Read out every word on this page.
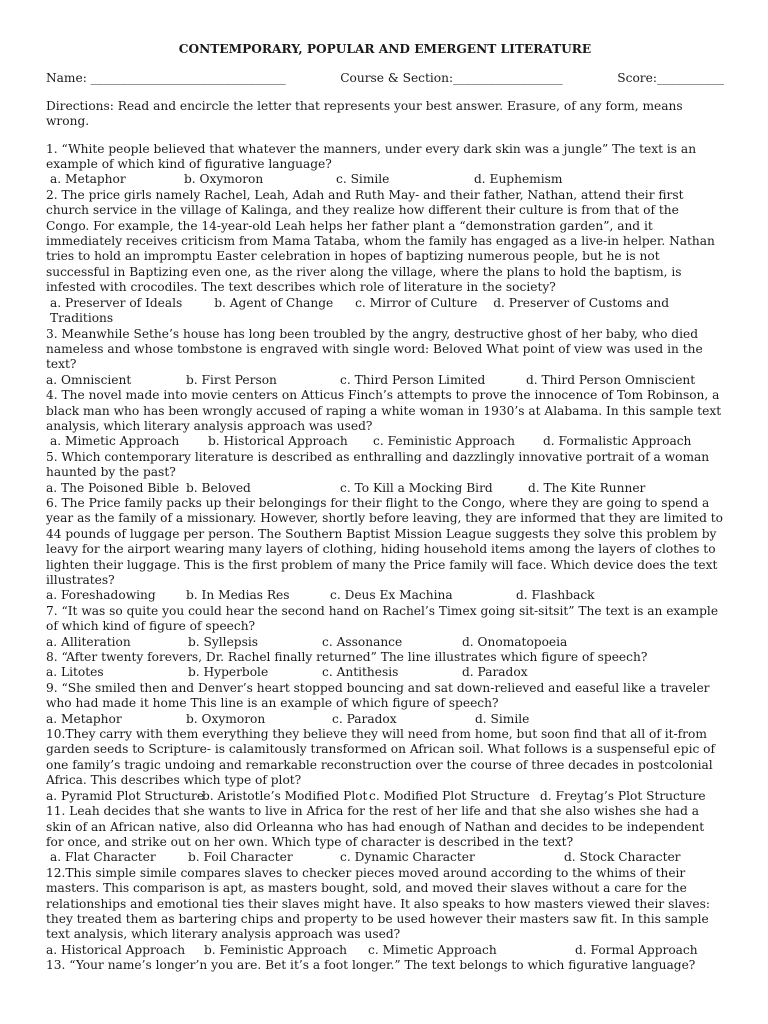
CONTEMPORARY, POPULAR AND EMERGENT LITERATURE
Name: ________________________________	Course & Section:__________________	Score:___________
Directions: Read and encircle the letter that represents your best answer. Erasure, of any form, means wrong.
1. “White people believed that whatever the manners, under every dark skin was a jungle” The text is an example of which kind of figurative language?
a. Metaphor	b. Oxymoron	c. Simile	d. Euphemism
2. The price girls namely Rachel, Leah, Adah and Ruth May- and their father, Nathan, attend their first church service in the village of Kalinga, and they realize how different their culture is from that of the Congo. For example, the 14-year-old Leah helps her father plant a “demonstration garden”, and it immediately receives criticism from Mama Tataba, whom the family has engaged as a live-in helper. Nathan tries to hold an impromptu Easter celebration in hopes of baptizing numerous people, but he is not successful in Baptizing even one, as the river along the village, where the plans to hold the baptism, is infested with crocodiles. The text describes which role of literature in the society?
a. Preserver of Ideals	b. Agent of Change c. Mirror of Culture d. Preserver of Customs and Traditions
3. Meanwhile Sethe’s house has long been troubled by the angry, destructive ghost of her baby, who died nameless and whose tombstone is engraved with single word: Beloved What point of view was used in the text?
a. Omniscient	b. First Person	c. Third Person Limited	d. Third Person Omniscient
4. The novel made into movie centers on Atticus Finch’s attempts to prove the innocence of Tom Robinson, a black man who has been wrongly accused of raping a white woman in 1930’s at Alabama. In this sample text analysis, which literary analysis approach was used?
a. Mimetic Approach	b. Historical Approach	c. Feministic Approach	d. Formalistic Approach
5. Which contemporary literature is described as enthralling and dazzlingly innovative portrait of a woman haunted by the past?
a. The Poisoned Bible b. Beloved	c. To Kill a Mocking Bird	d. The Kite Runner
6. The Price family packs up their belongings for their flight to the Congo, where they are going to spend a year as the family of a missionary. However, shortly before leaving, they are informed that they are limited to 44 pounds of luggage per person. The Southern Baptist Mission League suggests they solve this problem by leavy for the airport wearing many layers of clothing, hiding household items among the layers of clothes to lighten their luggage. This is the first problem of many the Price family will face. Which device does the text illustrates?
a. Foreshadowing	b. In Medias Res	c. Deus Ex Machina	d. Flashback
7. “It was so quite you could hear the second hand on Rachel’s Timex going sit-sitsit” The text is an example of which kind of figure of speech?
a. Alliteration	b. Syllepsis	c. Assonance	d. Onomatopoeia
8. “After twenty forevers, Dr. Rachel finally returned” The line illustrates which figure of speech?
a. Litotes	b. Hyperbole	c. Antithesis	d. Paradox
9. “She smiled then and Denver’s heart stopped bouncing and sat down-relieved and easeful like a traveler who had made it home This line is an example of which figure of speech?
a. Metaphor	b. Oxymoron	c. Paradox	d. Simile
10.They carry with them everything they believe they will need from home, but soon find that all of it-from garden seeds to Scripture- is calamitously transformed on African soil. What follows is a suspenseful epic of one family’s tragic undoing and remarkable reconstruction over the course of three decades in postcolonial Africa. This describes which type of plot?
a. Pyramid Plot Structure
b. Aristotle’s Modified Plot c. Modified Plot Structure d. Freytag’s Plot Structure
11. Leah decides that she wants to live in Africa for the rest of her life and that she also wishes she had a skin of an African native, also did Orleanna who has had enough of Nathan and decides to be independent for once, and strike out on her own. Which type of character is described in the text?
a. Flat Character	b. Foil Character	c. Dynamic Character	d. Stock Character
12.This simple simile compares slaves to checker pieces moved around according to the whims of their masters. This comparison is apt, as masters bought, sold, and moved their slaves without a care for the relationships and emotional ties their slaves might have. It also speaks to how masters viewed their slaves: they treated them as bartering chips and property to be used however their masters saw fit. In this sample text analysis, which literary analysis approach was used?
a. Historical Approach	b. Feministic Approach	c. Mimetic Approach	d. Formal Approach
13. “Your name’s longer’n you are. Bet it’s a foot longer.” The text belongs to which figurative language?
